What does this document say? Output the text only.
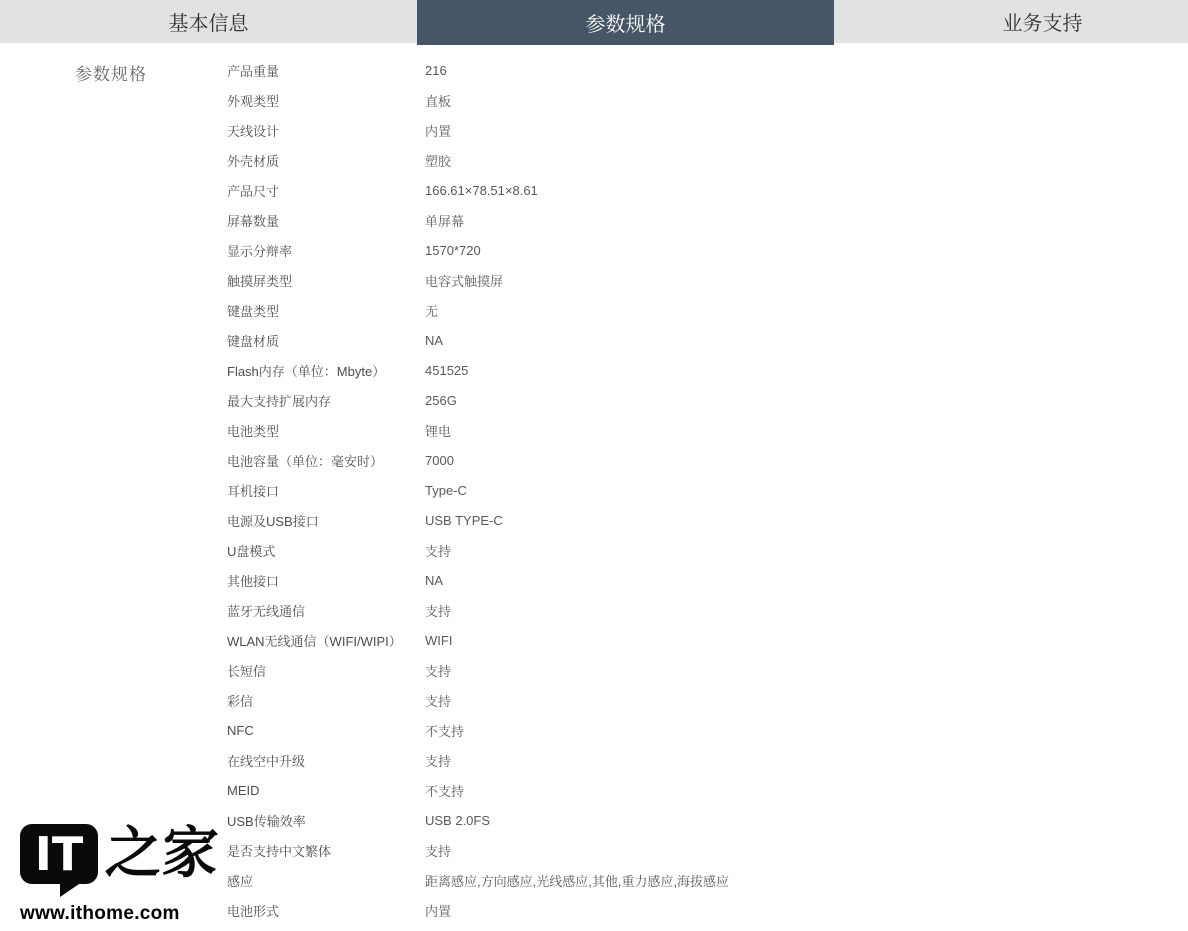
基本信息	参数规格	业务支持
参数规格	产品重量	216
外观类型	直板
天线设计	内置
外壳材质	塑胶
产品尺寸	166.61×78.51×8.61
屏幕数量	单屏幕
显示分辩率	1570*720
触摸屏类型	电容式触摸屏
键盘类型	无
键盘材质	NA
Flash内存（单位：Mbyte）	451525
最大支持扩展内存	256G
电池类型	锂电
电池容量（单位：毫安时）	7000
耳机接口	Type-C
电源及USB接口	USB TYPE-C
U盘模式	支持
其他接口	NA
蓝牙无线通信	支持
WLAN无线通信（WIFI/WIPI）	WIFI
长短信	支持
彩信	支持
NFC	不支持
在线空中升级	支持
MEID	不支持
USB传输效率	USB 2.0FS
是否支持中文繁体	支持
感应	距离感应,方向感应,光线感应,其他,重力感应,海拔感应
电池形式	内置
IT 之家
www.ithome.com
